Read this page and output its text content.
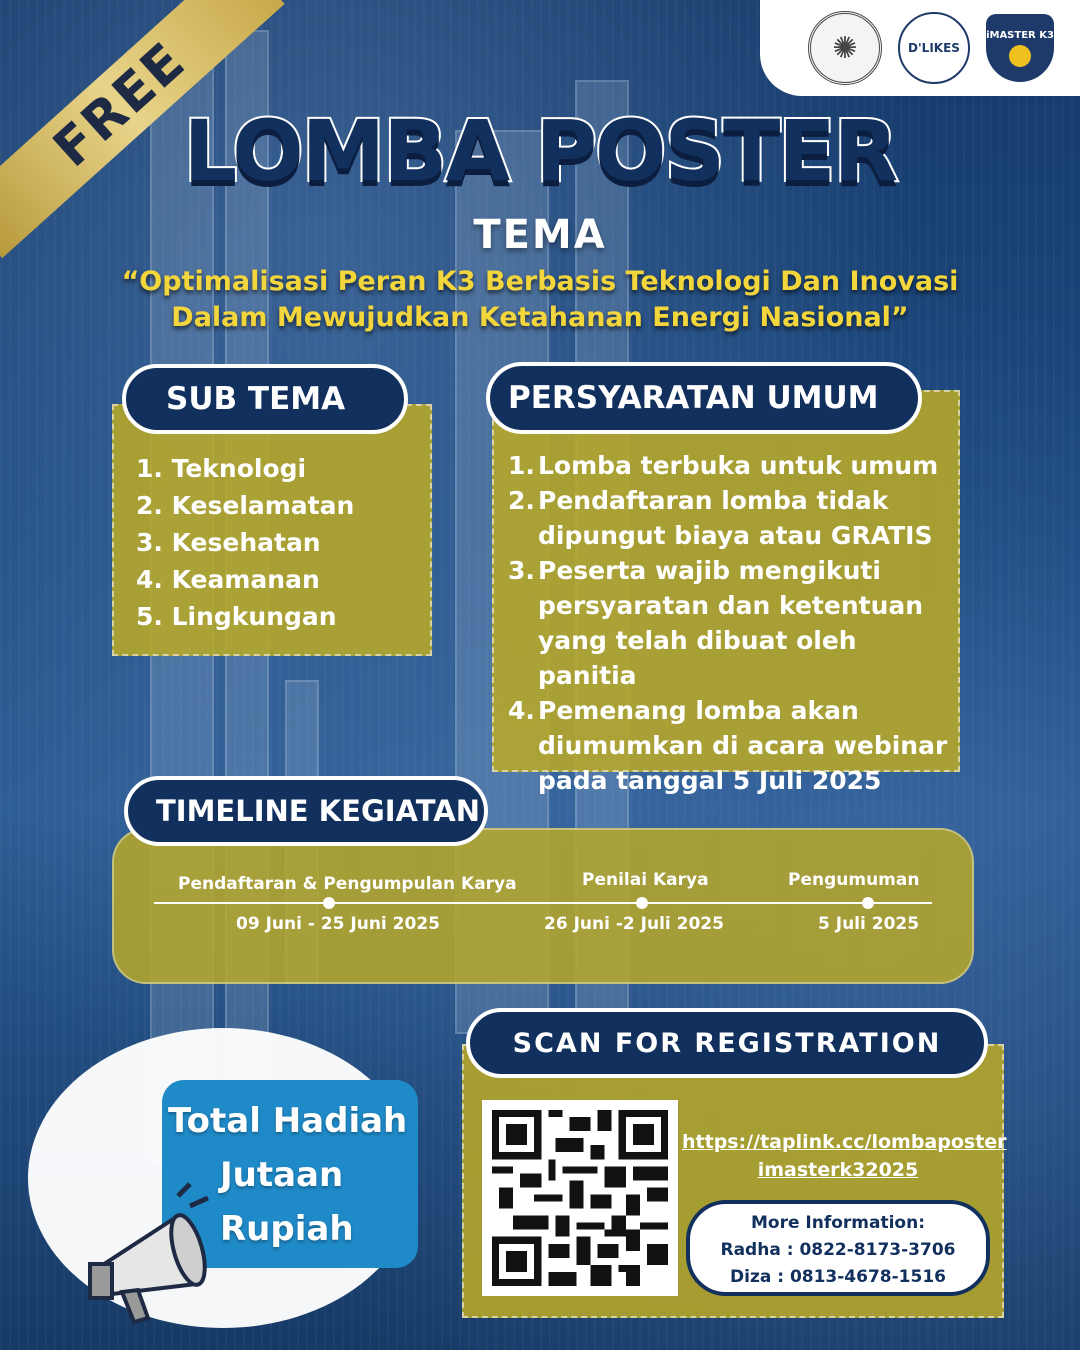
FREE	✺	D'LIKES
iMASTER K3
LOMBA POSTER
TEMA
“Optimalisasi Peran K3 Berbasis Teknologi Dan Inovasi Dalam Mewujudkan Ketahanan Energi Nasional”
1. Teknologi
2. Keselamatan
3. Kesehatan
4. Keamanan
5. Lingkungan
SUB TEMA
1. Lomba terbuka untuk umum
2. Pendaftaran lomba tidak dipungut biaya atau GRATIS
3. Peserta wajib mengikuti persyaratan dan ketentuan yang telah dibuat oleh panitia
4. Pemenang lomba akan diumumkan di acara webinar pada tanggal 5 Juli 2025
PERSYARATAN UMUM
Pendaftaran & Pengumpulan Karya	Penilai Karya	Pengumuman
09 Juni - 25 Juni 2025	26 Juni -2 Juli 2025	5 Juli 2025
TIMELINE KEGIATAN
Total Hadiah
Jutaan
Rupiah
SCAN FOR REGISTRATION
https://taplink.cc/lombaposter
imasterk32025
More Information:
Radha : 0822-8173-3706
Diza : 0813-4678-1516
